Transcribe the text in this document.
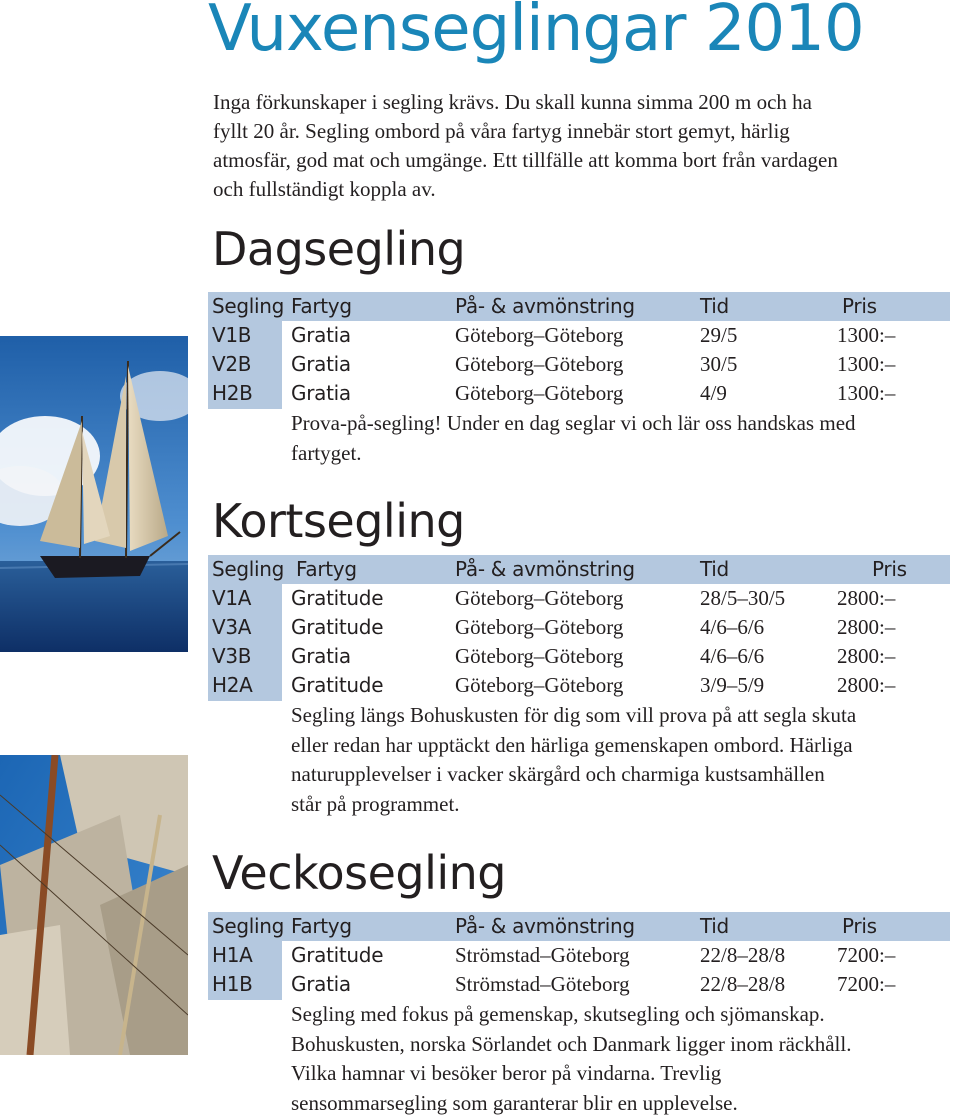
Vuxenseglingar 2010
Inga förkunskaper i segling krävs. Du skall kunna simma 200 m och ha
fyllt 20 år. Segling ombord på våra fartyg innebär stort gemyt, härlig
atmosfär, god mat och umgänge. Ett tillfälle att komma bort från vardagen
och fullständigt koppla av.
Dagsegling
Segling Fartyg	På- & avmönstring	Tid	Pris
V1B Gratia	Göteborg–Göteborg	29/5	1300:–
V2B Gratia	Göteborg–Göteborg	30/5	1300:–
H2B Gratia	Göteborg–Göteborg	4/9	1300:–
Prova-på-segling! Under en dag seglar vi och lär oss handskas med
fartyget.
Kortsegling
Segling Fartyg	På- & avmönstring	Tid	Pris
V1A Gratitude	Göteborg–Göteborg	28/5–30/5 2800:–
V3A Gratitude	Göteborg–Göteborg	4/6–6/6	2800:–
V3B Gratia	Göteborg–Göteborg	4/6–6/6	2800:–
H2A Gratitude	Göteborg–Göteborg	3/9–5/9	2800:–
Segling längs Bohuskusten för dig som vill prova på att segla skuta
eller redan har upptäckt den härliga gemenskapen ombord. Härliga
naturupplevelser i vacker skärgård och charmiga kustsamhällen
står på programmet.
Veckosegling
Segling Fartyg	På- & avmönstring	Tid	Pris
H1A Gratitude	Strömstad–Göteborg	22/8–28/8 7200:–
H1B Gratia	Strömstad–Göteborg	22/8–28/8 7200:–
Segling med fokus på gemenskap, skutsegling och sjömanskap.
Bohuskusten, norska Sörlandet och Danmark ligger inom räckhåll.
Vilka hamnar vi besöker beror på vindarna. Trevlig
sensommarsegling som garanterar blir en upplevelse.
